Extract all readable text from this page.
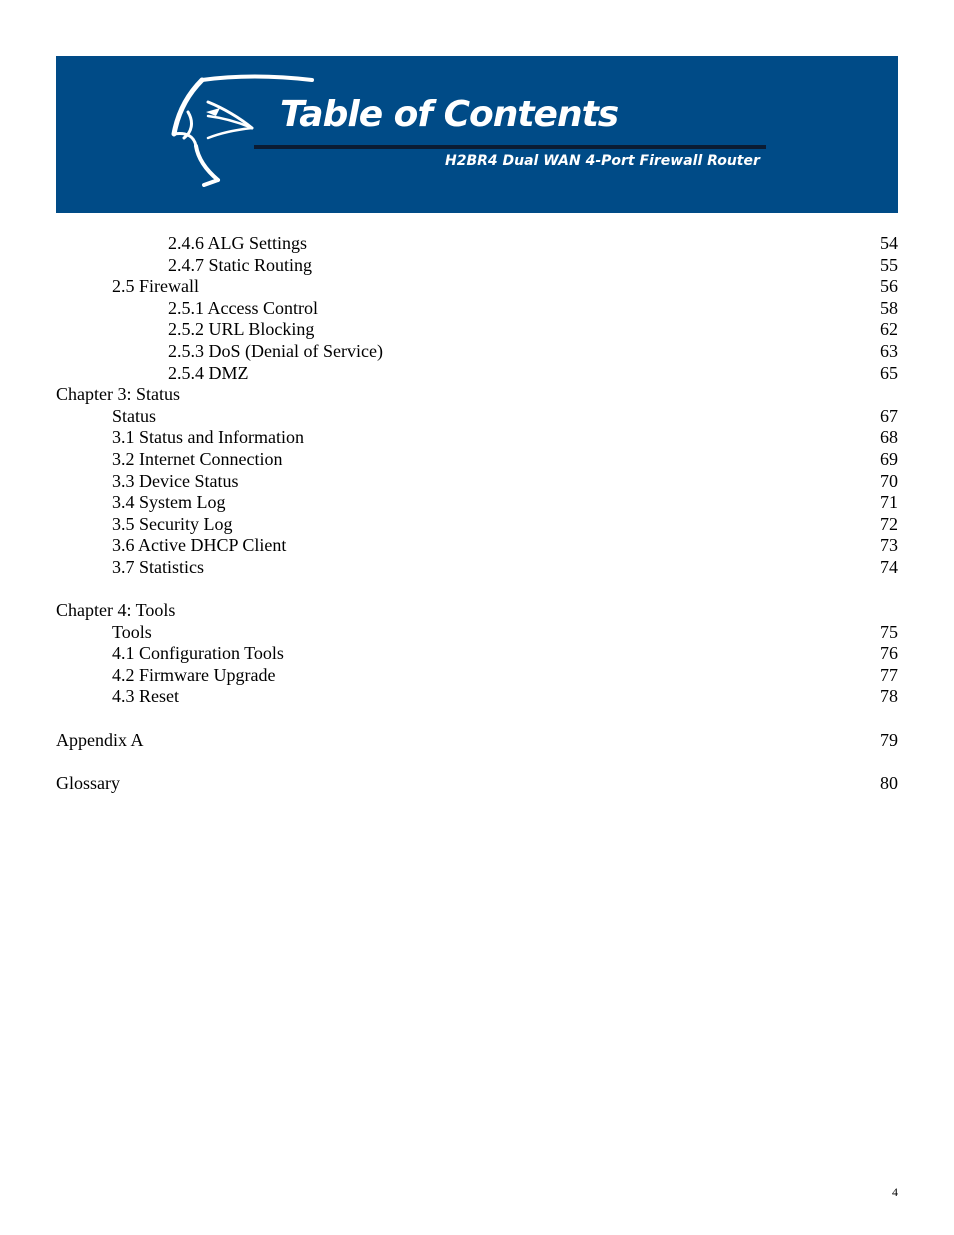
Table of Contents
H2BR4 Dual WAN 4-Port Firewall Router
2.4.6 ALG Settings	54
2.4.7 Static Routing	55
2.5 Firewall	56
2.5.1 Access Control	58
2.5.2 URL Blocking	62
2.5.3 DoS (Denial of Service)	63
2.5.4 DMZ	65
Chapter 3: Status
Status	67
3.1 Status and Information	68
3.2 Internet Connection	69
3.3 Device Status	70
3.4 System Log	71
3.5 Security Log	72
3.6 Active DHCP Client	73
3.7 Statistics	74
Chapter 4: Tools
Tools	75
4.1 Configuration Tools	76
4.2 Firmware Upgrade	77
4.3 Reset	78
Appendix A	79
Glossary	80
4
